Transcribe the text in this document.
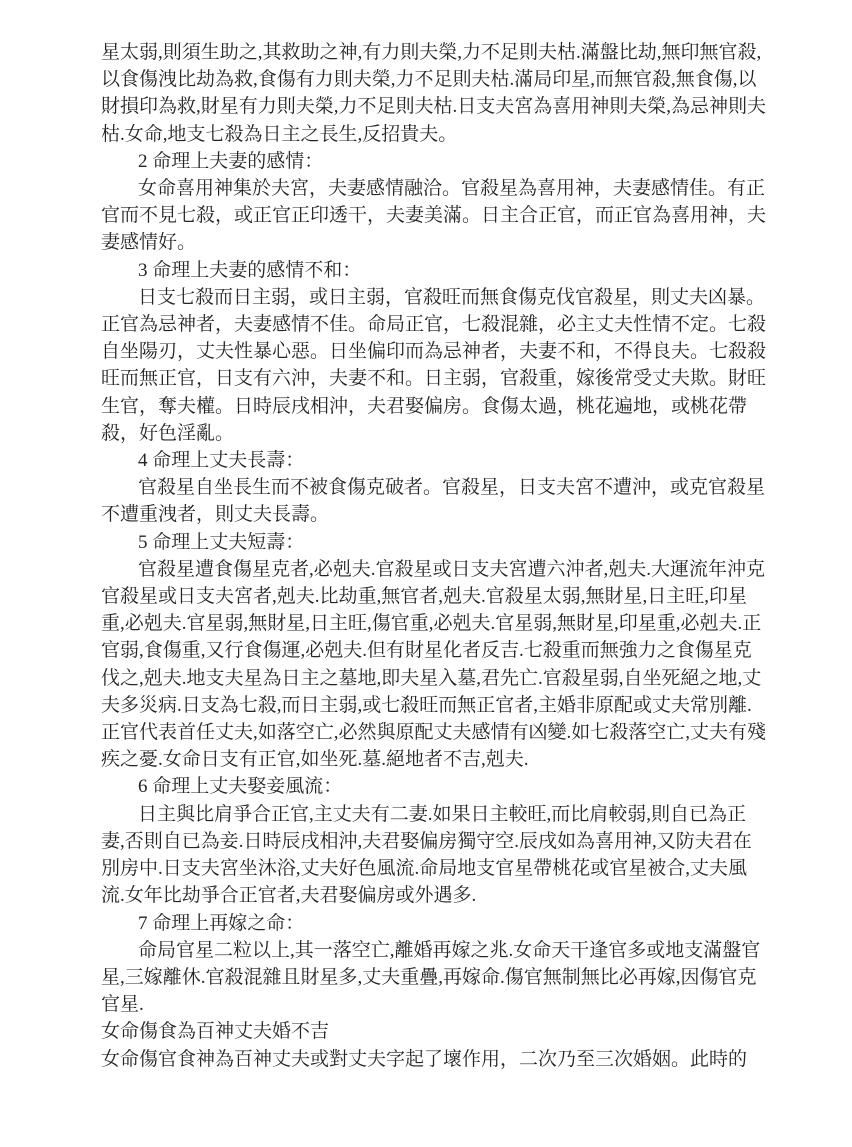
星太弱,則須生助之,其救助之神,有力則夫榮,力不足則夫枯.滿盤比劫,無印無官殺,以食傷洩比劫為救,食傷有力則夫榮,力不足則夫枯.滿局印星,而無官殺,無食傷,以財損印為救,財星有力則夫榮,力不足則夫枯.日支夫宮為喜用神則夫榮,為忌神則夫枯.女命,地支七殺為日主之長生,反招貴夫。
2 命理上夫妻的感情：
女命喜用神集於夫宮，夫妻感情融洽。官殺星為喜用神，夫妻感情佳。有正官而不見七殺，或正官正印透干，夫妻美滿。日主合正官，而正官為喜用神，夫妻感情好。
3 命理上夫妻的感情不和：
日支七殺而日主弱，或日主弱，官殺旺而無食傷克伐官殺星，則丈夫凶暴。正官為忌神者，夫妻感情不佳。命局正官，七殺混雜，必主丈夫性情不定。七殺自坐陽刃，丈夫性暴心惡。日坐偏印而為忌神者，夫妻不和，不得良夫。七殺殺旺而無正官，日支有六沖，夫妻不和。日主弱，官殺重，嫁後常受丈夫欺。財旺生官，奪夫權。日時辰戌相沖，夫君娶偏房。食傷太過，桃花遍地，或桃花帶殺，好色淫亂。
4 命理上丈夫長壽：
官殺星自坐長生而不被食傷克破者。官殺星，日支夫宮不遭沖，或克官殺星不遭重洩者，則丈夫長壽。
5 命理上丈夫短壽：
官殺星遭食傷星克者,必剋夫.官殺星或日支夫宮遭六沖者,剋夫.大運流年沖克官殺星或日支夫宮者,剋夫.比劫重,無官者,剋夫.官殺星太弱,無財星,日主旺,印星重,必剋夫.官星弱,無財星,日主旺,傷官重,必剋夫.官星弱,無財星,印星重,必剋夫.正官弱,食傷重,又行食傷運,必剋夫.但有財星化者反吉.七殺重而無強力之食傷星克伐之,剋夫.地支夫星為日主之墓地,即夫星入墓,君先亡.官殺星弱,自坐死絕之地,丈夫多災病.日支為七殺,而日主弱,或七殺旺而無正官者,主婚非原配或丈夫常別離.正官代表首任丈夫,如落空亡,必然與原配丈夫感情有凶變.如七殺落空亡,丈夫有殘疾之憂.女命日支有正官,如坐死.墓.絕地者不吉,剋夫.
6 命理上丈夫娶妾風流：
日主與比肩爭合正官,主丈夫有二妻.如果日主較旺,而比肩較弱,則自已為正妻,否則自已為妾.日時辰戌相沖,夫君娶偏房獨守空.辰戌如為喜用神,又防夫君在別房中.日支夫宮坐沐浴,丈夫好色風流.命局地支官星帶桃花或官星被合,丈夫風流.女年比劫爭合正官者,夫君娶偏房或外遇多.
7 命理上再嫁之命：
命局官星二粒以上,其一落空亡,離婚再嫁之兆.女命天干逢官多或地支滿盤官星,三嫁離休.官殺混雜且財星多,丈夫重疊,再嫁命.傷官無制無比必再嫁,因傷官克官星.
女命傷食為百神丈夫婚不吉
女命傷官食神為百神丈夫或對丈夫字起了壞作用，二次乃至三次婚姻。此時的
